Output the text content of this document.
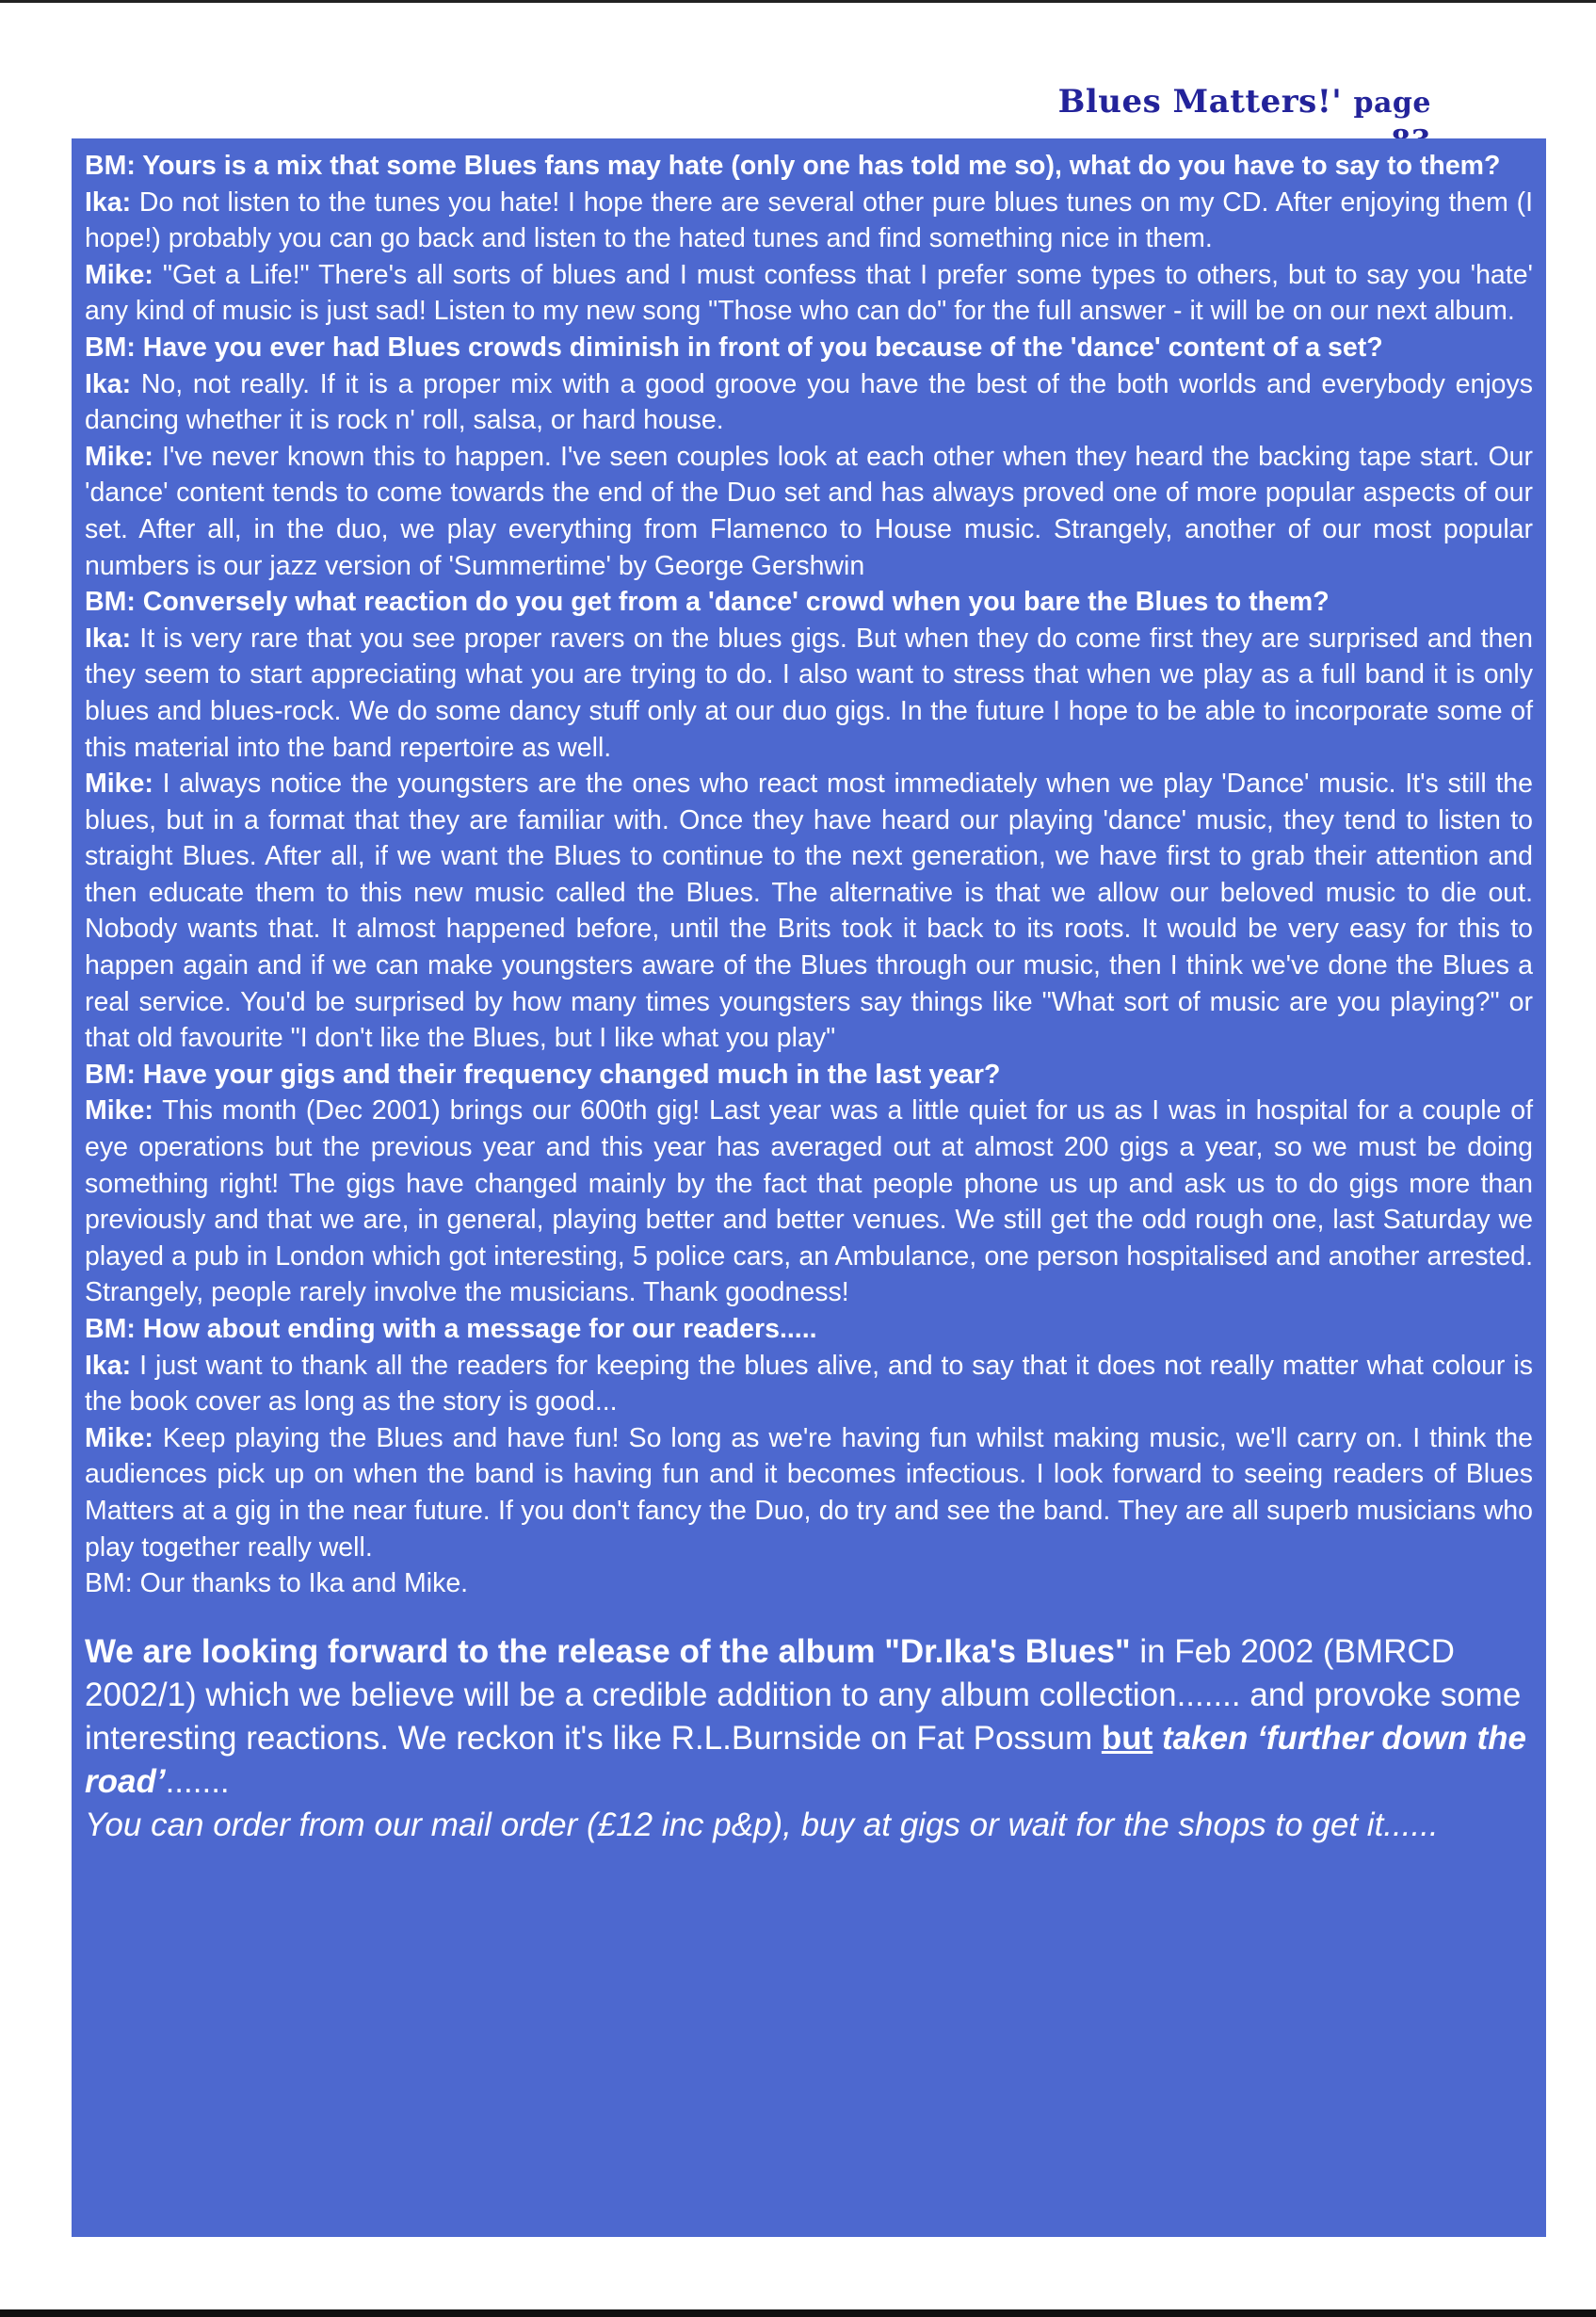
Blues Matters!' page

BM: Yours is a mix that some Blues fans may hate (only one has told me so), what do you have to say to them?

Ika: Do not listen to the tunes you hate! I hope there are several other pure blues tunes on my CD. After enjoying them (I hope!) probably you can go back and listen to the hated tunes and find something nice in them.

Mike: "Get a Life!" There's all sorts of blues and I must confess that I prefer some types to others, but to say you 'hate' any kind of music is just sad! Listen to my new song "Those who can do" for the full answer - it will be on our next album.

BM: Have you ever had Blues crowds diminish in front of you because of the 'dance' content of a set?

Ika: No, not really. If it is a proper mix with a good groove you have the best of the both worlds and everybody enjoys dancing whether it is rock n' roll, salsa, or hard house.

Mike: I've never known this to happen. I've seen couples look at each other when they heard the backing tape start. Our 'dance' content tends to come towards the end of the Duo set and has always proved one of more popular aspects of our set. After all, in the duo, we play everything from Flamenco to House music. Strangely, another of our most popular numbers is our jazz version of 'Summertime' by George Gershwin

BM: Conversely what reaction do you get from a 'dance' crowd when you bare the Blues to them?

Ika: It is very rare that you see proper ravers on the blues gigs. But when they do come first they are surprised and then they seem to start appreciating what you are trying to do. I also want to stress that when we play as a full band it is only blues and blues-rock. We do some dancy stuff only at our duo gigs. In the future I hope to be able to incorporate some of this material into the band repertoire as well.

Mike: I always notice the youngsters are the ones who react most immediately when we play 'Dance' music. It's still the blues, but in a format that they are familiar with. Once they have heard our playing 'dance' music, they tend to listen to straight Blues. After all, if we want the Blues to continue to the next generation, we have first to grab their attention and then educate them to this new music called the Blues. The alternative is that we allow our beloved music to die out. Nobody wants that. It almost happened before, until the Brits took it back to its roots. It would be very easy for this to happen again and if we can make youngsters aware of the Blues through our music, then I think we've done the Blues a real service. You'd be surprised by how many times youngsters say things like "What sort of music are you playing?" or that old favourite "I don't like the Blues, but I like what you play"

BM: Have your gigs and their frequency changed much in the last year?

Mike: This month (Dec 2001) brings our 600th gig! Last year was a little quiet for us as I was in hospital for a couple of eye operations but the previous year and this year has averaged out at almost 200 gigs a year, so we must be doing something right! The gigs have changed mainly by the fact that people phone us up and ask us to do gigs more than previously and that we are, in general, playing better and better venues. We still get the odd rough one, last Saturday we played a pub in London which got interesting, 5 police cars, an Ambulance, one person hospitalised and another arrested. Strangely, people rarely involve the musicians. Thank goodness!

BM: How about ending with a message for our readers.....

Ika: I just want to thank all the readers for keeping the blues alive, and to say that it does not really matter what colour is the book cover as long as the story is good...

Mike: Keep playing the Blues and have fun! So long as we're having fun whilst making music, we'll carry on. I think the audiences pick up on when the band is having fun and it becomes infectious. I look forward to seeing readers of Blues Matters at a gig in the near future. If you don't fancy the Duo, do try and see the band. They are all superb musicians who play together really well.

BM: Our thanks to Ika and Mike.

We are looking forward to the release of the album "Dr.Ika's Blues" in Feb 2002 (BMRCD 2002/1) which we believe will be a credible addition to any album collection....... and provoke some interesting reactions. We reckon it's like R.L.Burnside on Fat Possum but taken ‘further down the road’.......

You can order from our mail order (£12 inc p&p), buy at gigs or wait for the shops to get it......
